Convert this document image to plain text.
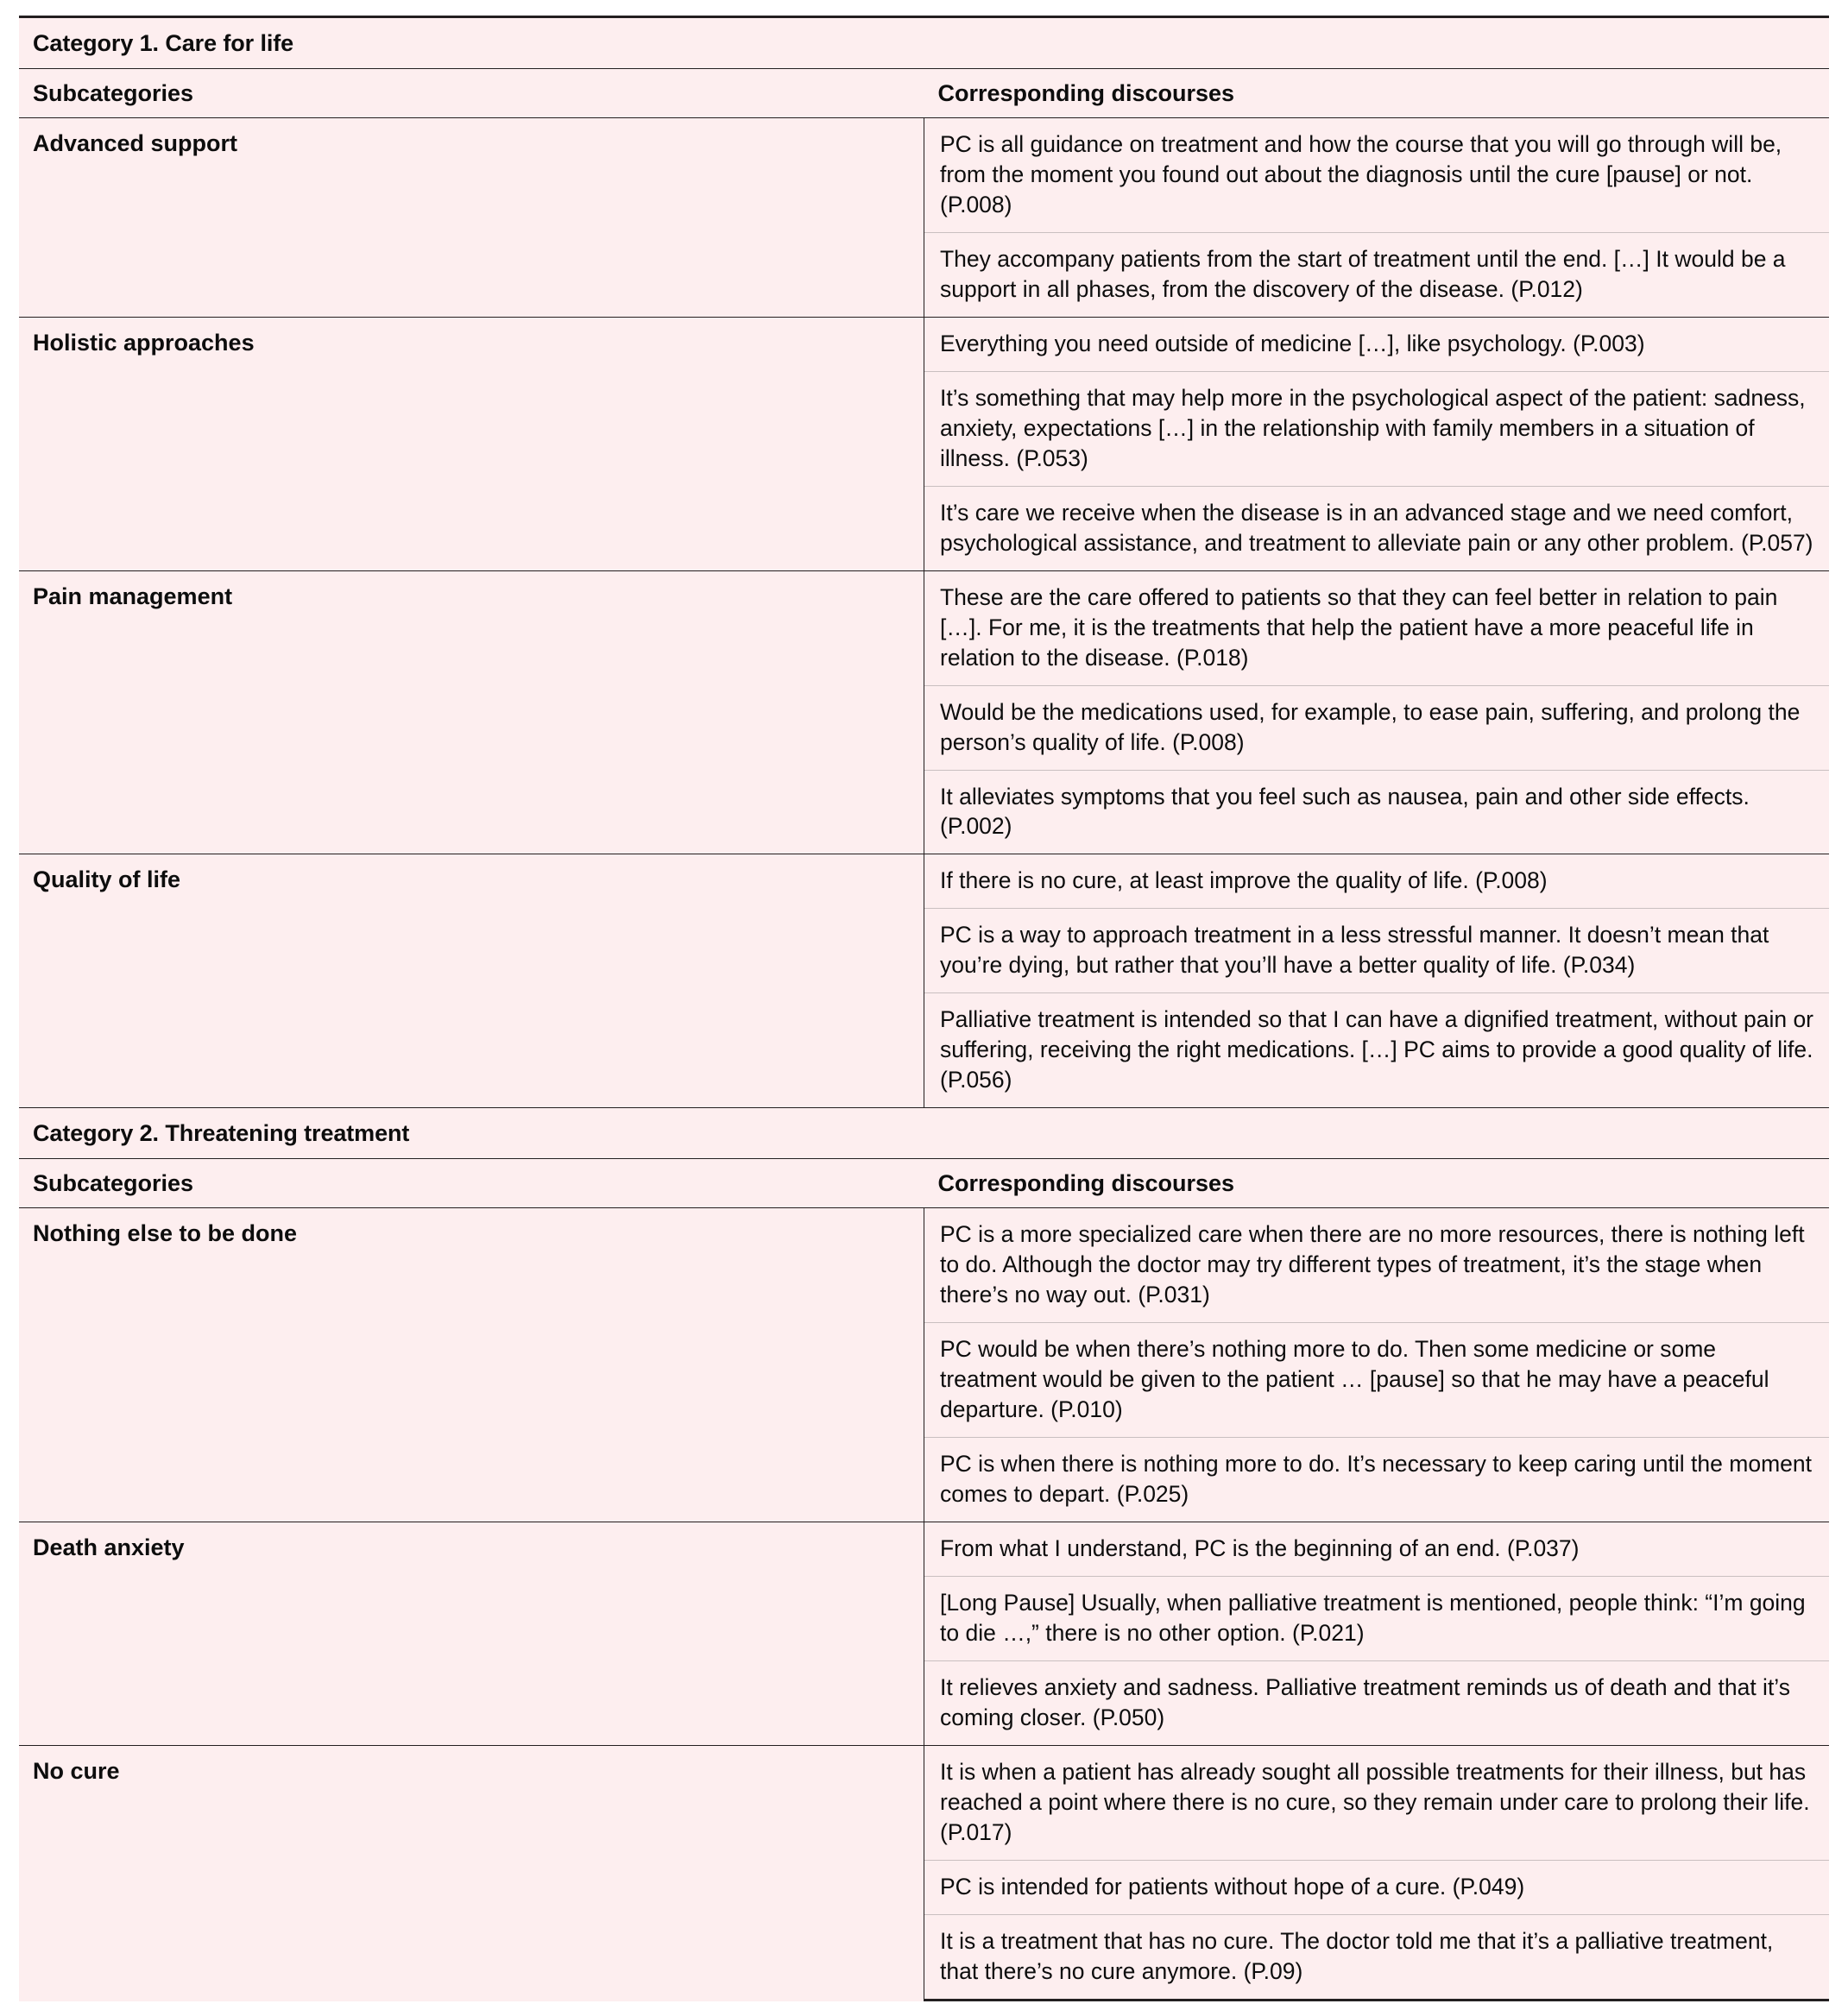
Category 1. Care for life	
Subcategories	Corresponding discourses
Advanced support	PC is all guidance on treatment and how the course that you will go through will be, from the moment you found out about the diagnosis until the cure [pause] or not. (P.008)
	They accompany patients from the start of treatment until the end. […] It would be a support in all phases, from the discovery of the disease. (P.012)
Holistic approaches	Everything you need outside of medicine […], like psychology. (P.003)
	It’s something that may help more in the psychological aspect of the patient: sadness, anxiety, expectations […] in the relationship with family members in a situation of illness. (P.053)
	It’s care we receive when the disease is in an advanced stage and we need comfort, psychological assistance, and treatment to alleviate pain or any other problem. (P.057)
Pain management	These are the care offered to patients so that they can feel better in relation to pain […]. For me, it is the treatments that help the patient have a more peaceful life in relation to the disease. (P.018)
	Would be the medications used, for example, to ease pain, suffering, and prolong the person’s quality of life. (P.008)
	It alleviates symptoms that you feel such as nausea, pain and other side effects. (P.002)
Quality of life	If there is no cure, at least improve the quality of life. (P.008)
	PC is a way to approach treatment in a less stressful manner. It doesn’t mean that you’re dying, but rather that you’ll have a better quality of life. (P.034)
	Palliative treatment is intended so that I can have a dignified treatment, without pain or suffering, receiving the right medications. […] PC aims to provide a good quality of life. (P.056)
Category 2. Threatening treatment	
Subcategories	Corresponding discourses
Nothing else to be done	PC is a more specialized care when there are no more resources, there is nothing left to do. Although the doctor may try different types of treatment, it’s the stage when there’s no way out. (P.031)
	PC would be when there’s nothing more to do. Then some medicine or some treatment would be given to the patient … [pause] so that he may have a peaceful departure. (P.010)
	PC is when there is nothing more to do. It’s necessary to keep caring until the moment comes to depart. (P.025)
Death anxiety	From what I understand, PC is the beginning of an end. (P.037)
	[Long Pause] Usually, when palliative treatment is mentioned, people think: “I’m going to die …,” there is no other option. (P.021)
	It relieves anxiety and sadness. Palliative treatment reminds us of death and that it’s coming closer. (P.050)
No cure	It is when a patient has already sought all possible treatments for their illness, but has reached a point where there is no cure, so they remain under care to prolong their life. (P.017)
	PC is intended for patients without hope of a cure. (P.049)
	It is a treatment that has no cure. The doctor told me that it’s a palliative treatment, that there’s no cure anymore. (P.09)
